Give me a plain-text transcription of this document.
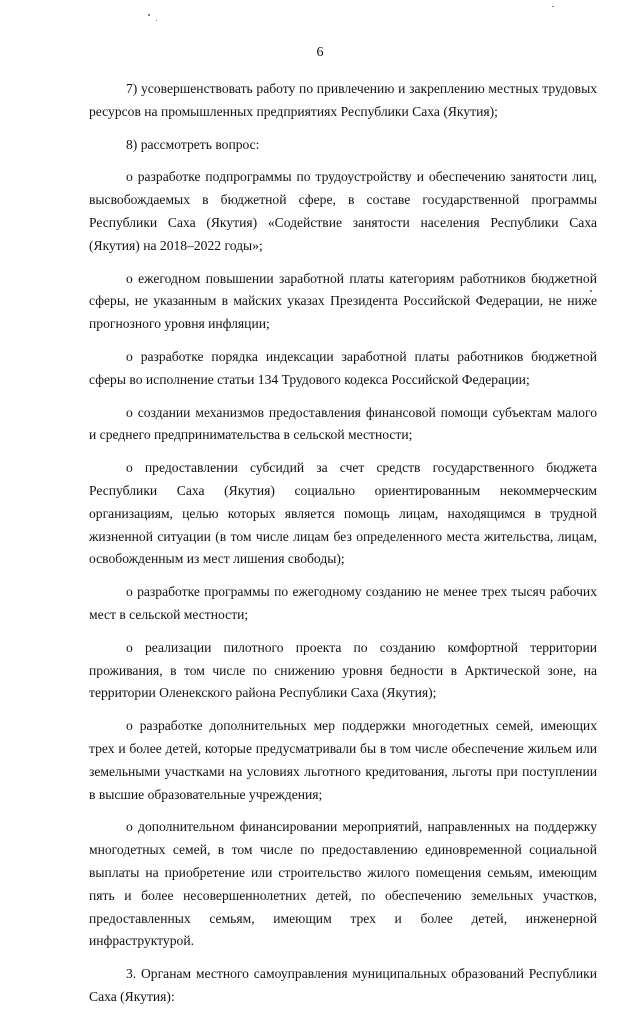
6

7) усовершенствовать работу по привлечению и закреплению местных трудовых ресурсов на промышленных предприятиях Республики Саха (Якутия);

8) рассмотреть вопрос:

о разработке подпрограммы по трудоустройству и обеспечению занятости лиц, высвобождаемых в бюджетной сфере, в составе государственной программы Республики Саха (Якутия) «Содействие занятости населения Республики Саха (Якутия) на 2018–2022 годы»;

о ежегодном повышении заработной платы категориям работников бюджетной сферы, не указанным в майских указах Президента Российской Федерации, не ниже прогнозного уровня инфляции;

о разработке порядка индексации заработной платы работников бюджетной сферы во исполнение статьи 134 Трудового кодекса Российской Федерации;

о создании механизмов предоставления финансовой помощи субъектам малого и среднего предпринимательства в сельской местности;

о предоставлении субсидий за счет средств государственного бюджета Республики Саха (Якутия) социально ориентированным некоммерческим организациям, целью которых является помощь лицам, находящимся в трудной жизненной ситуации (в том числе лицам без определенного места жительства, лицам, освобожденным из мест лишения свободы);

о разработке программы по ежегодному созданию не менее трех тысяч рабочих мест в сельской местности;

о реализации пилотного проекта по созданию комфортной территории проживания, в том числе по снижению уровня бедности в Арктической зоне, на территории Оленекского района Республики Саха (Якутия);

о разработке дополнительных мер поддержки многодетных семей, имеющих трех и более детей, которые предусматривали бы в том числе обеспечение жильем или земельными участками на условиях льготного кредитования, льготы при поступлении в высшие образовательные учреждения;

о дополнительном финансировании мероприятий, направленных на поддержку многодетных семей, в том числе по предоставлению единовременной социальной выплаты на приобретение или строительство жилого помещения семьям, имеющим пять и более несовершеннолетних детей, по обеспечению земельных участков, предоставленных семьям, имеющим трех и более детей, инженерной инфраструктурой.

3. Органам местного самоуправления муниципальных образований Республики Саха (Якутия):
